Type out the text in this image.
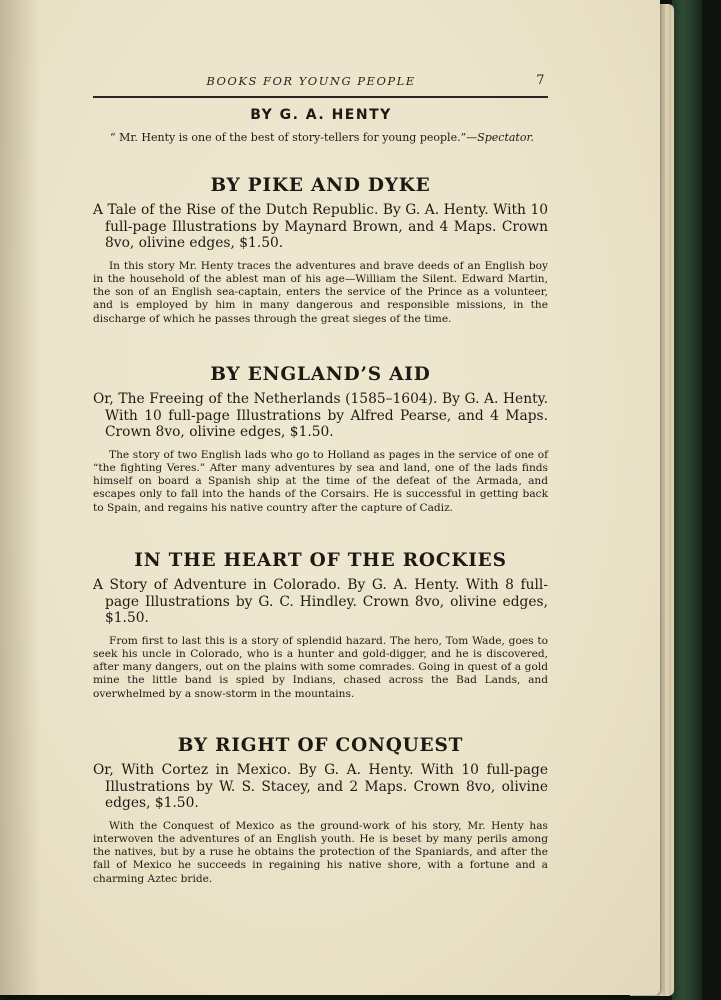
BOOKS FOR YOUNG PEOPLE	7
BY G. A. HENTY
“ Mr. Henty is one of the best of story-tellers for young people.”—Spectator.
BY PIKE AND DYKE

A Tale of the Rise of the Dutch Republic. By G. A. Henty. With 10 full-page Illustrations by Maynard Brown, and 4 Maps. Crown 8vo, olivine edges, $1.50.

In this story Mr. Henty traces the adventures and brave deeds of an English boy in the household of the ablest man of his age—William the Silent. Edward Martin, the son of an English sea-captain, enters the service of the Prince as a volunteer, and is employed by him in many dangerous and responsible missions, in the discharge of which he passes through the great sieges of the time.

BY ENGLAND’S AID

Or, The Freeing of the Netherlands (1585–1604). By G. A. Henty. With 10 full-page Illustrations by Alfred Pearse, and 4 Maps. Crown 8vo, olivine edges, $1.50.

The story of two English lads who go to Holland as pages in the service of one of “the fighting Veres.” After many adventures by sea and land, one of the lads finds himself on board a Spanish ship at the time of the defeat of the Armada, and escapes only to fall into the hands of the Corsairs. He is successful in getting back to Spain, and regains his native country after the capture of Cadiz.

IN THE HEART OF THE ROCKIES

A Story of Adventure in Colorado. By G. A. Henty. With 8 full-page Illustrations by G. C. Hindley. Crown 8vo, olivine edges, $1.50.

From first to last this is a story of splendid hazard. The hero, Tom Wade, goes to seek his uncle in Colorado, who is a hunter and gold-digger, and he is discovered, after many dangers, out on the plains with some comrades. Going in quest of a gold mine the little band is spied by Indians, chased across the Bad Lands, and overwhelmed by a snow-storm in the mountains.

BY RIGHT OF CONQUEST

Or, With Cortez in Mexico. By G. A. Henty. With 10 full-page Illustrations by W. S. Stacey, and 2 Maps. Crown 8vo, olivine edges, $1.50.

With the Conquest of Mexico as the ground-work of his story, Mr. Henty has interwoven the adventures of an English youth. He is beset by many perils among the natives, but by a ruse he obtains the protection of the Spaniards, and after the fall of Mexico he succeeds in regaining his native shore, with a fortune and a charming Aztec bride.
